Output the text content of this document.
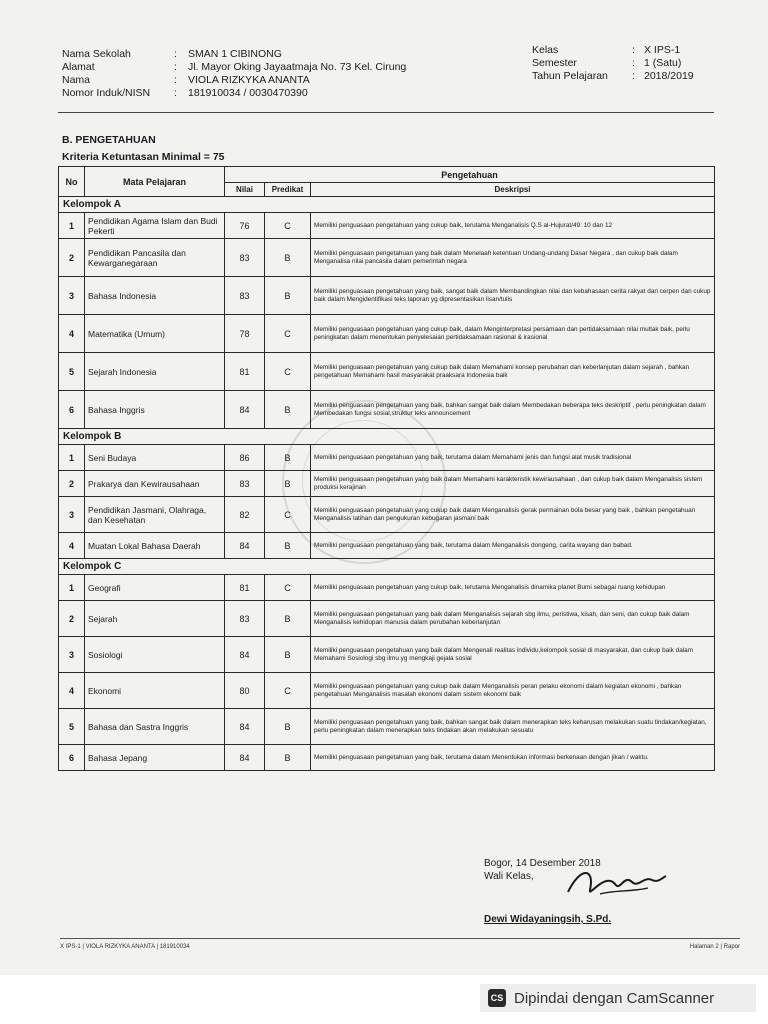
Nama Sekolah	:	SMAN 1 CIBINONG
Alamat	:	Jl. Mayor Oking Jayaatmaja No. 73 Kel. Cirung
Nama	:	VIOLA RIZKYKA ANANTA
Nomor Induk/NISN	:	181910034 / 0030470390
Kelas	: X IPS-1
Semester	: 1 (Satu)
Tahun Pelajaran	: 2018/2019
B. PENGETAHUAN
Kriteria Ketuntasan Minimal = 75
No	Mata Pelajaran	Pengetahuan		
		Nilai	Predikat	Deskripsi
Kelompok A				
1	Pendidikan Agama Islam dan Budi Pekerti	76	C	Memiliki penguasaan pengetahuan yang cukup baik, terutama Menganalisis Q.S al-Hujurat/49: 10 dan 12
2	Pendidikan Pancasila dan Kewarganegaraan	83	B	Memiliki penguasaan pengetahuan yang baik dalam Menelaah ketentuan Undang-undang Dasar Negara , dan cukup baik dalam Menganalisa nilai pancasila dalam pemerintah negara
3	Bahasa Indonesia	83	B	Memiliki penguasaan pengetahuan yang baik, sangat baik dalam Membandingkan nilai dan kebahasaan cerita rakyat dan cerpen dan cukup baik dalam Mengidentifikasi teks laporan yg dipresentasikan lisan/tulis
4	Matematika (Umum)	78	C	Memiliki penguasaan pengetahuan yang cukup baik, dalam Menginterpretasi persamaan dan pertidaksamaan nilai mutlak baik, perlu peningkatan dalam menentukan penyelesaian pertidaksamaan rasional & irasional
5	Sejarah Indonesia	81	C	Memiliki penguasaan pengetahuan yang cukup baik dalam Memahami konsep perubahan dan keberlanjutan dalam sejarah , bahkan pengetahuan Memahami hasil masyarakat praaksara Indonesia baik
6	Bahasa Inggris	84	B	Memiliki penguasaan pengetahuan yang baik, bahkan sangat baik dalam Membedakan beberapa teks deskriptif , perlu peningkatan dalam Membedakan fungsi sosial,struktur teks announcement
Kelompok B				
1	Seni Budaya	86	B	Memiliki penguasaan pengetahuan yang baik, terutama dalam Memahami jenis dan fungsi alat musik tradisional
2	Prakarya dan Kewirausahaan	83	B	Memiliki penguasaan pengetahuan yang baik dalam Memahami karakteristik kewirausahaan , dan cukup baik dalam Menganalisis sistem produksi kerajinan
3	Pendidikan Jasmani, Olahraga, dan Kesehatan	82	C	Memiliki penguasaan pengetahuan yang cukup baik dalam Menganalisis gerak permainan bola besar yang baik , bahkan pengetahuan Menganalisis latihan dan pengukuran kebugaran jasmani baik
4	Muatan Lokal Bahasa Daerah	84	B	Memiliki penguasaan pengetahuan yang baik, terutama dalam Menganalisis dongeng, carita wayang dan babad.
Kelompok C				
1	Geografi	81	C	Memiliki penguasaan pengetahuan yang cukup baik, terutama Menganalisis dinamika planet Bumi sebagai ruang kehidupan
2	Sejarah	83	B	Memiliki penguasaan pengetahuan yang baik dalam Menganalisis sejarah sbg ilmu, peristiwa, kisah, dan seni, dan cukup baik dalam Menganalisis kehidupan manusia dalam perubahan keberlanjutan
3	Sosiologi	84	B	Memiliki penguasaan pengetahuan yang baik dalam Mengenali realitas individu,kelompok sosial di masyarakat, dan cukup baik dalam Memahami Sosiologi sbg ilmu yg mengkaji gejala sosial
4	Ekonomi	80	C	Memiliki penguasaan pengetahuan yang cukup baik dalam Menganalisis peran pelaku ekonomi dalam kegiatan ekonomi , bahkan pengetahuan Menganalisis masalah ekonomi dalam sistem ekonomi baik
5	Bahasa dan Sastra Inggris	84	B	Memiliki penguasaan pengetahuan yang baik, bahkan sangat baik dalam menerapkan teks keharusan melakukan suatu tindakan/kegiatan, perlu peningkatan dalam menerapkan teks tindakan akan melakukan sesuatu
6	Bahasa Jepang	84	B	Memiliki penguasaan pengetahuan yang baik, terutama dalam Menentukan informasi berkenaan dengan jikan / waktu.
Bogor, 14 Desember 2018
Wali Kelas,
Dewi Widayaningsih, S.Pd.
X IPS-1 | VIOLA RIZKYKA ANANTA | 181910034	Halaman 2 | Rapor
CS Dipindai dengan CamScanner
